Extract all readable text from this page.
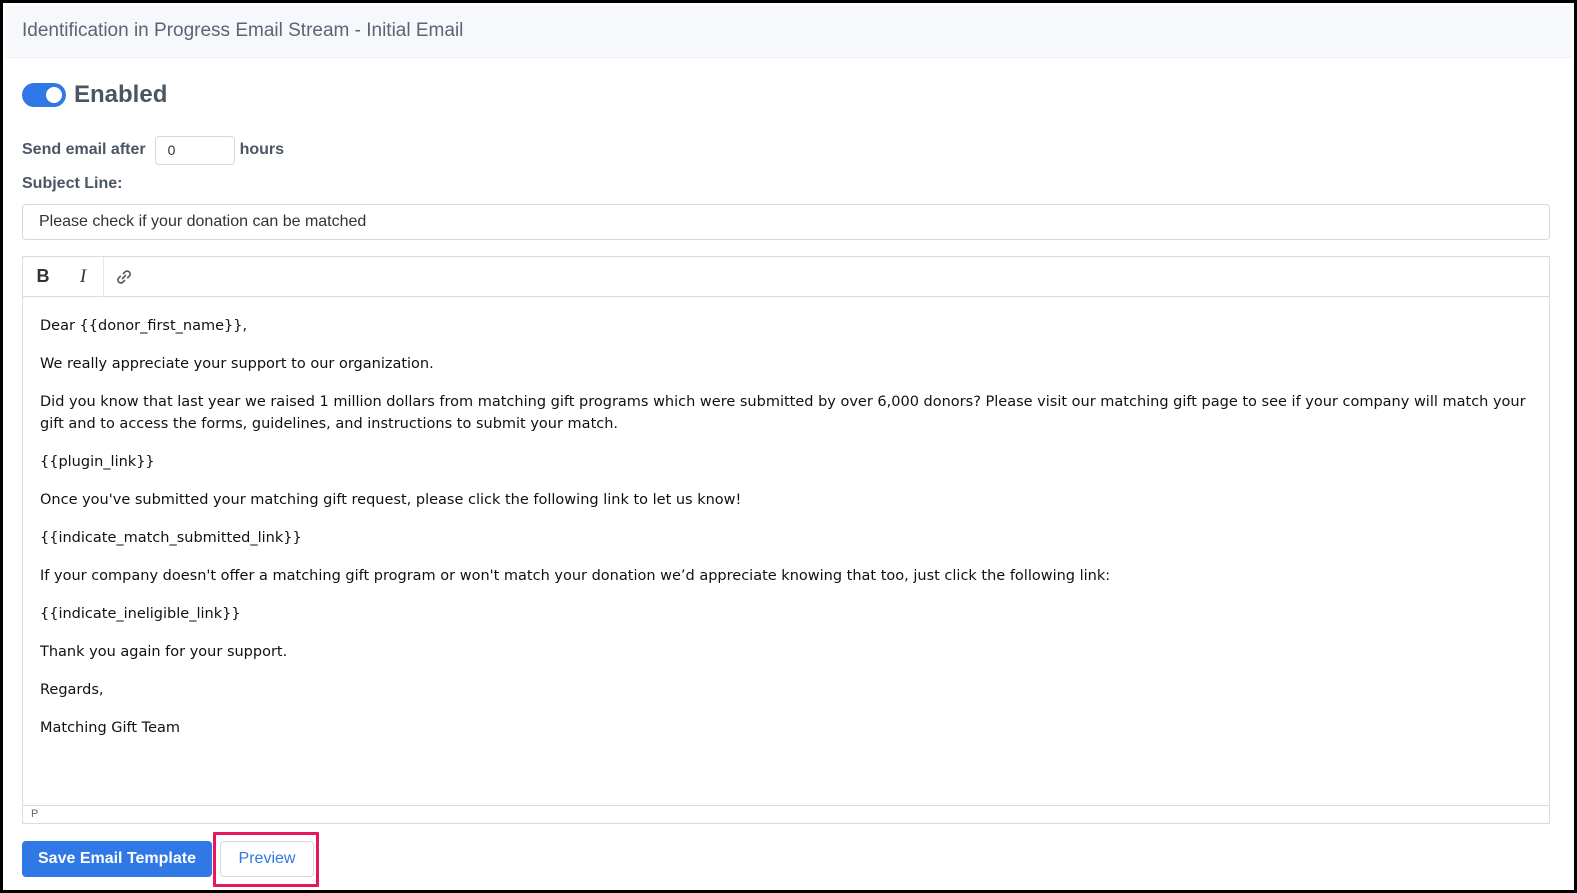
Identification in Progress Email Stream - Initial Email
Enabled
Send email after
0	hours
Subject Line:
Please check if your donation can be matched
B	I

Dear {{donor_first_name}},

We really appreciate your support to our organization.

Did you know that last year we raised 1 million dollars from matching gift programs which were submitted by over 6,000 donors? Please visit our matching gift page to see if your company will match your gift and to access the forms, guidelines, and instructions to submit your match.

{{plugin_link}}

Once you've submitted your matching gift request, please click the following link to let us know!

{{indicate_match_submitted_link}}

If your company doesn't offer a matching gift program or won't match your donation we’d appreciate knowing that too, just click the following link:

{{indicate_ineligible_link}}

Thank you again for your support.

Regards,

Matching Gift Team

P
Save Email Template	Preview
